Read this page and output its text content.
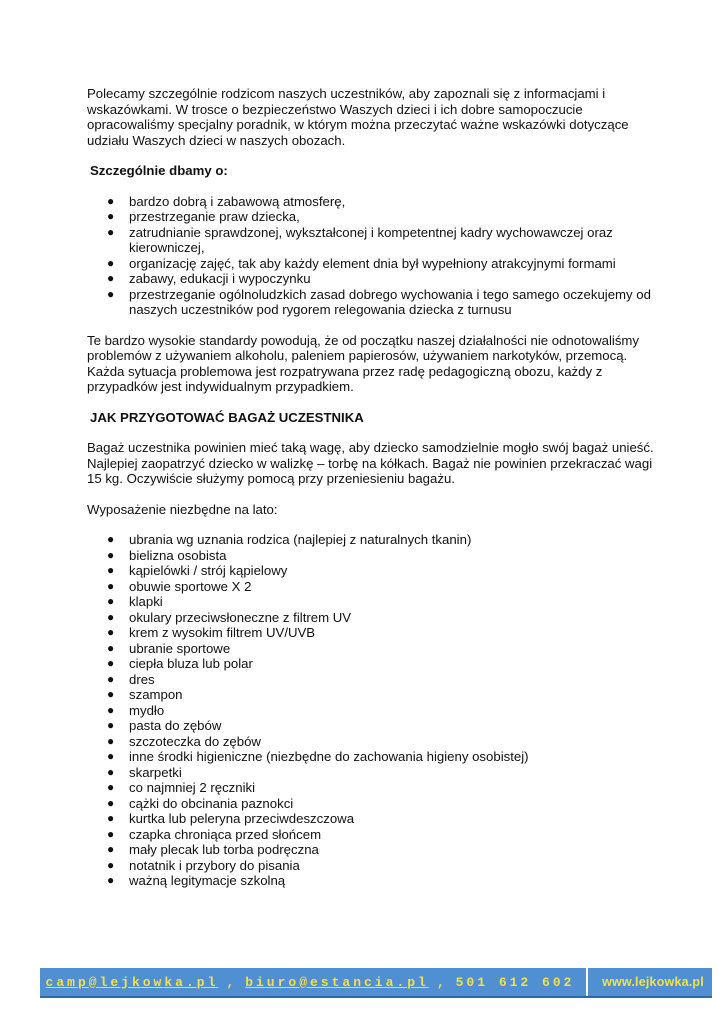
Polecamy szczególnie rodzicom naszych uczestników, aby zapoznali się z informacjami i wskazówkami. W trosce o bezpieczeństwo Waszych dzieci i ich dobre samopoczucie opracowaliśmy specjalny poradnik, w którym można przeczytać ważne wskazówki dotyczące udziału Waszych dzieci w naszych obozach.

Szczególnie dbamy o:

● bardzo dobrą i zabawową atmosferę,
● przestrzeganie praw dziecka,
● zatrudnianie sprawdzonej, wykształconej i kompetentnej kadry wychowawczej oraz kierowniczej,
● organizację zajęć, tak aby każdy element dnia był wypełniony atrakcyjnymi formami
● zabawy, edukacji i wypoczynku
● przestrzeganie ogólnoludzkich zasad dobrego wychowania i tego samego oczekujemy od naszych uczestników pod rygorem relegowania dziecka z turnusu

Te bardzo wysokie standardy powodują, że od początku naszej działalności nie odnotowaliśmy problemów z używaniem alkoholu, paleniem papierosów, używaniem narkotyków, przemocą. Każda sytuacja problemowa jest rozpatrywana przez radę pedagogiczną obozu, każdy z przypadków jest indywidualnym przypadkiem.

JAK PRZYGOTOWAĆ BAGAŻ UCZESTNIKA

Bagaż uczestnika powinien mieć taką wagę, aby dziecko samodzielnie mogło swój bagaż unieść. Najlepiej zaopatrzyć dziecko w walizkę – torbę na kółkach. Bagaż nie powinien przekraczać wagi 15 kg. Oczywiście służymy pomocą przy przeniesieniu bagażu.

Wyposażenie niezbędne na lato:

● ubrania wg uznania rodzica (najlepiej z naturalnych tkanin)
● bielizna osobista
● kąpielówki / strój kąpielowy
● obuwie sportowe X 2
● klapki
● okulary przeciwsłoneczne z filtrem UV
● krem z wysokim filtrem UV/UVB
● ubranie sportowe
● ciepła bluza lub polar
● dres
● szampon
● mydło
● pasta do zębów
● szczoteczka do zębów
● inne środki higieniczne (niezbędne do zachowania higieny osobistej)
● skarpetki
● co najmniej 2 ręczniki
● cążki do obcinania paznokci
● kurtka lub peleryna przeciwdeszczowa
● czapka chroniąca przed słońcem
● mały plecak lub torba podręczna
● notatnik i przybory do pisania
● ważną legitymacje szkolną
camp@lejkowka.pl , biuro@estancia.pl , 501 612 602	www.lejkowka.pl
